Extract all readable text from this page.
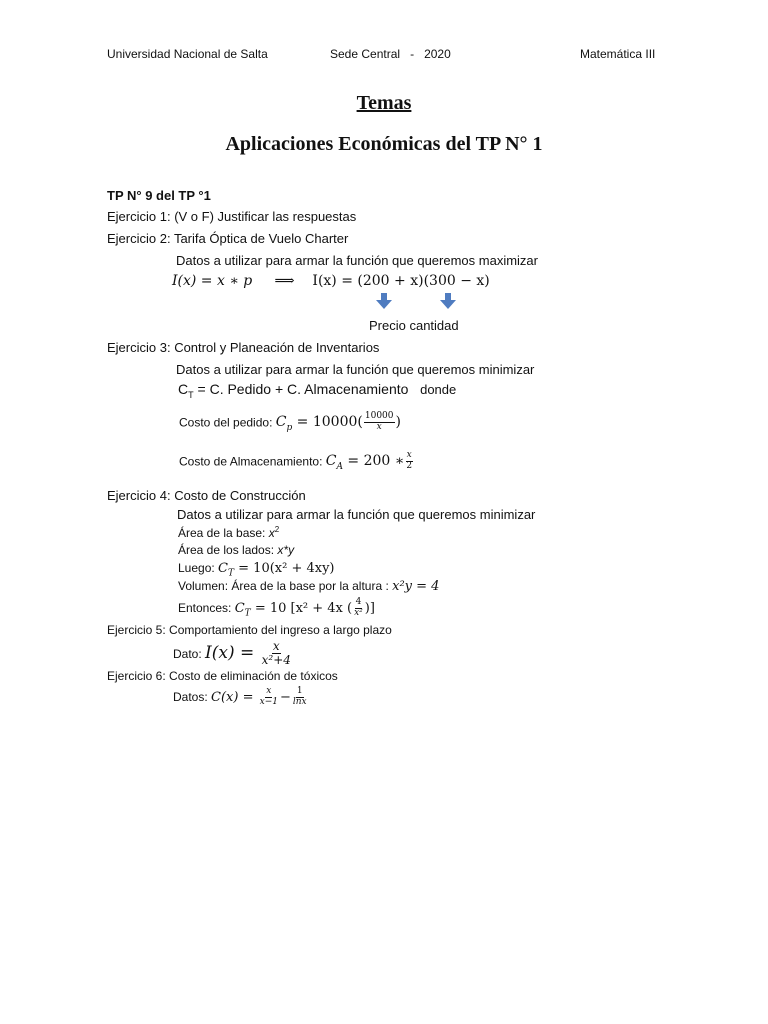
Universidad Nacional de Salta	Sede Central - 2020	Matemática III
Temas
Aplicaciones Económicas del TP N° 1
TP N° 9 del TP °1
Ejercicio 1: (V o F) Justificar las respuestas
Ejercicio 2: Tarifa Óptica de Vuelo Charter
Datos a utilizar para armar la función que queremos maximizar
I(x) = x ∗ p ⟹ I(x) = (200 + x)(300 − x)
Precio cantidad
Ejercicio 3: Control y Planeación de Inventarios
Datos a utilizar para armar la función que queremos minimizar
$C_T = C$. Pedido + C. Almacenamiento donde
Costo del pedido: $C_p = 10000( \frac{10000}{x}$ )
Costo de Almacenamiento: $C_A = 200$ ∗ $\frac{x}{2}$
Ejercicio 4: Costo de Construcción
Datos a utilizar para armar la función que queremos minimizar
Área de la base: $x^2$
Área de los lados: x*y
Luego: $C_T = 10(x^2 + 4xy)$
Volumen: Área de la base por la altura : x²y = 4
Entonces: $C_T = 10$ [x² + 4x ( $\frac{4}{\text{x²}}$ )]
Ejercicio 5: Comportamiento del ingreso a largo plazo
Dato: $I(x) = \frac{x}{\text{x²+4}}$
Ejercicio 6: Costo de eliminación de tóxicos
Datos: $C(x) = \frac{x}{x-1} - \frac{1}{\ln x}$
